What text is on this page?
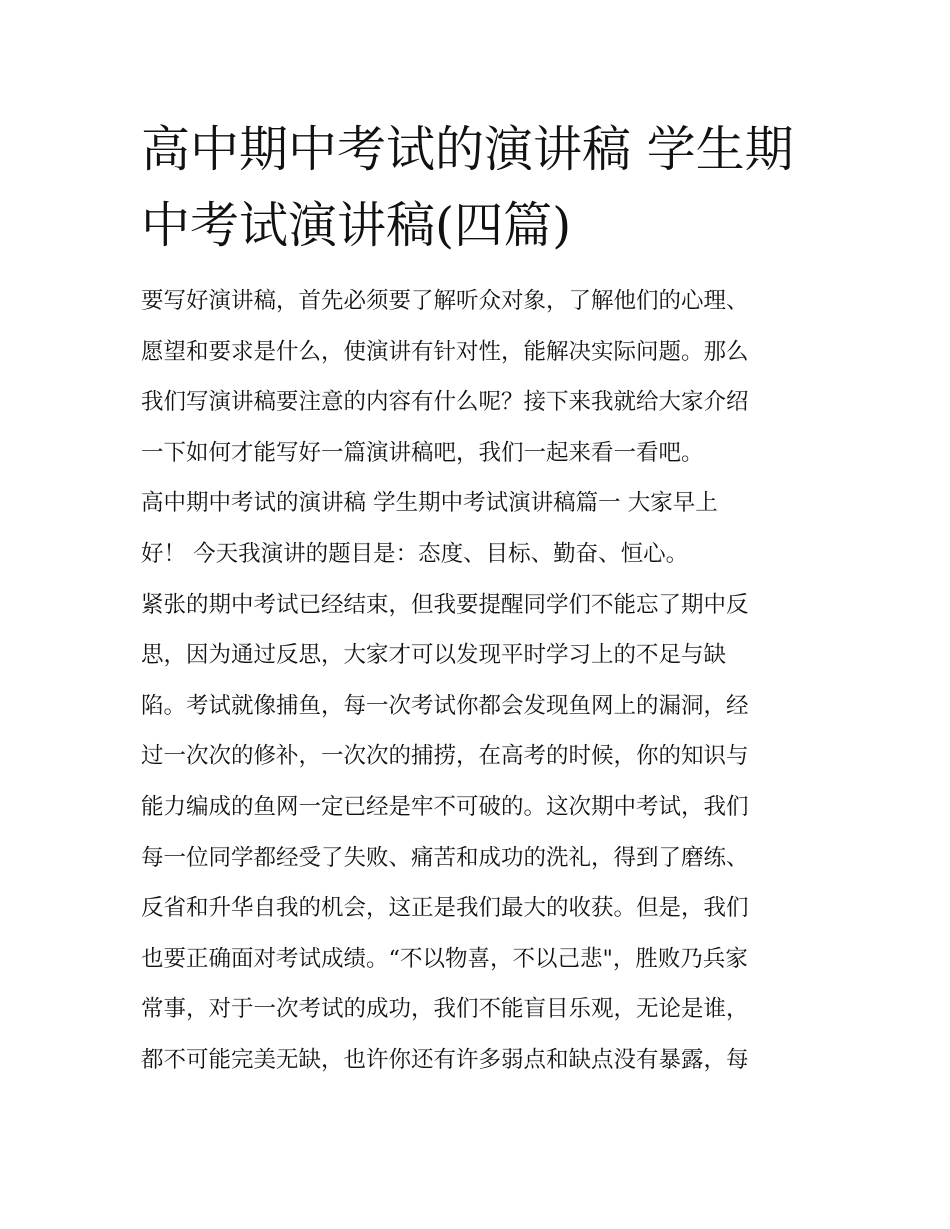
高中期中考试的演讲稿 学生期
中考试演讲稿(四篇)
要写好演讲稿，首先必须要了解听众对象，了解他们的心理、
愿望和要求是什么，使演讲有针对性，能解决实际问题。那么
我们写演讲稿要注意的内容有什么呢？接下来我就给大家介绍
一下如何才能写好一篇演讲稿吧，我们一起来看一看吧。
高中期中考试的演讲稿 学生期中考试演讲稿篇一 大家早上
好！ 今天我演讲的题目是：态度、目标、勤奋、恒心。
紧张的期中考试已经结束，但我要提醒同学们不能忘了期中反
思，因为通过反思，大家才可以发现平时学习上的不足与缺
陷。考试就像捕鱼，每一次考试你都会发现鱼网上的漏洞，经
过一次次的修补，一次次的捕捞，在高考的时候，你的知识与
能力编成的鱼网一定已经是牢不可破的。这次期中考试，我们
每一位同学都经受了失败、痛苦和成功的洗礼，得到了磨练、
反省和升华自我的机会，这正是我们最大的收获。但是，我们
也要正确面对考试成绩。“不以物喜，不以己悲"，胜败乃兵家
常事，对于一次考试的成功，我们不能盲目乐观，无论是谁，
都不可能完美无缺，也许你还有许多弱点和缺点没有暴露，每
